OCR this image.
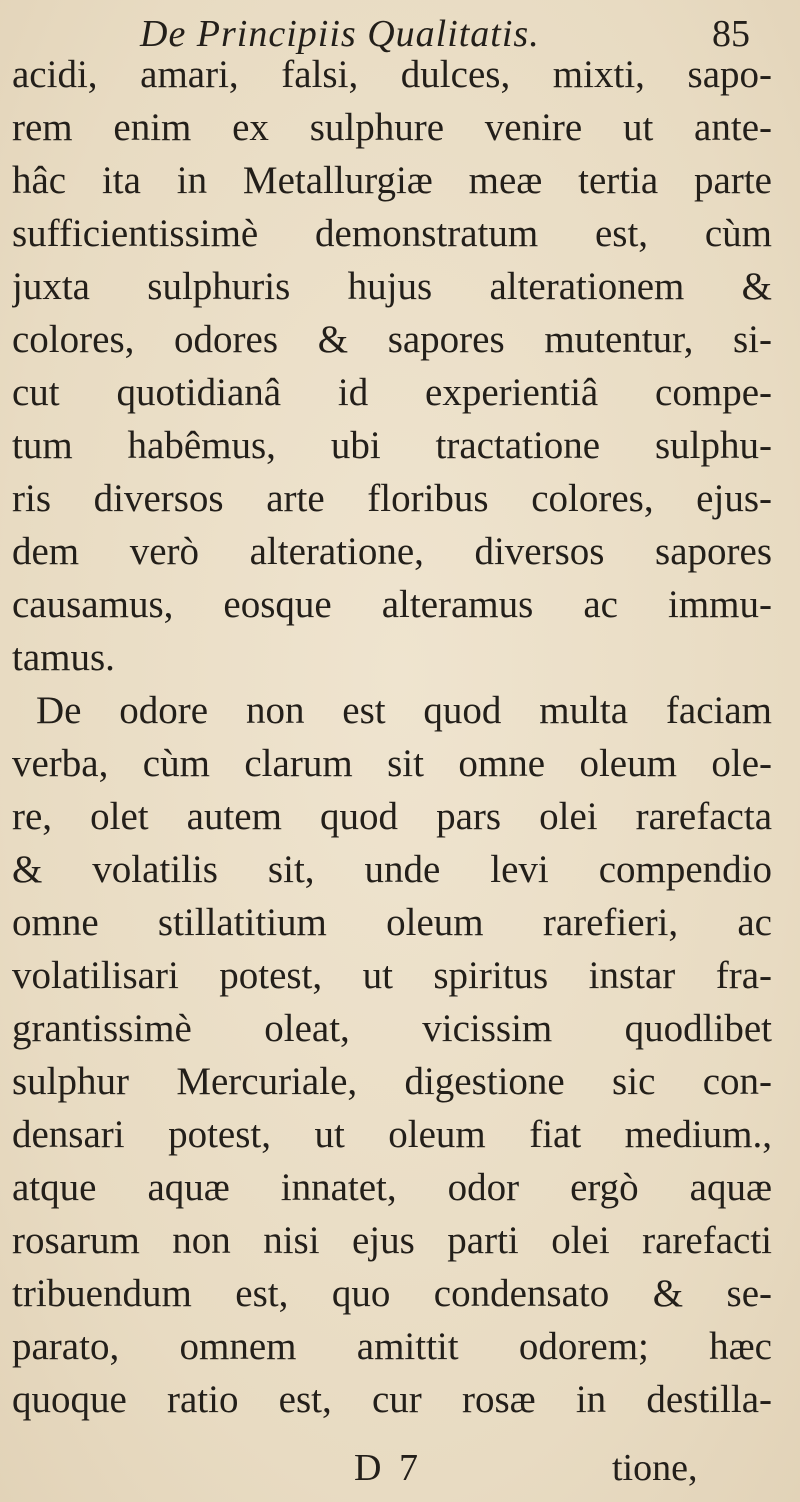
De Principiis Qualitatis.	85
acidi, amari, falsi, dulces, mixti, sapo-
rem enim ex sulphure venire ut ante-
hâc ita in Metallurgiæ meæ tertia parte
sufficientissimè demonstratum est, cùm
juxta sulphuris hujus alterationem &
colores, odores & sapores mutentur, si-
cut quotidianâ id experientiâ compe-
tum habêmus, ubi tractatione sulphu-
ris diversos arte floribus colores, ejus-
dem verò alteratione, diversos sapores
causamus, eosque alteramus ac immu-
tamus.
De odore non est quod multa faciam
verba, cùm clarum sit omne oleum ole-
re, olet autem quod pars olei rarefacta
& volatilis sit, unde levi compendio
omne stillatitium oleum rarefieri, ac
volatilisari potest, ut spiritus instar fra-
grantissimè oleat, vicissim quodlibet
sulphur Mercuriale, digestione sic con-
densari potest, ut oleum fiat medium.,
atque aquæ innatet, odor ergò aquæ
rosarum non nisi ejus parti olei rarefacti
tribuendum est, quo condensato & se-
parato, omnem amittit odorem; hæc
quoque ratio est, cur rosæ in destilla-
D 7	tione,
